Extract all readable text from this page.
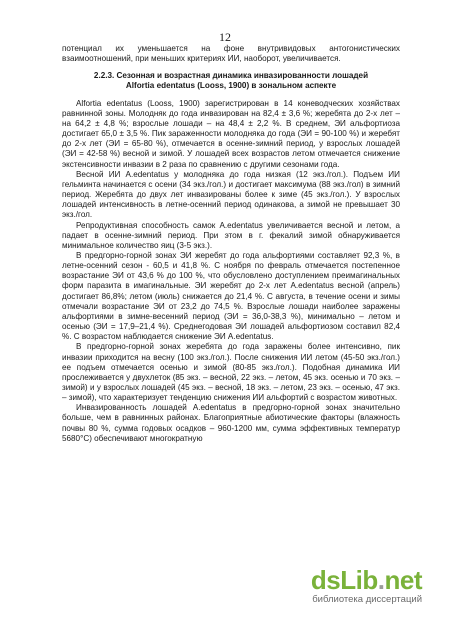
12

потенциал их уменьшается на фоне внутривидовых антогонистических взаимоотношений, при меньших критериях ИИ, наоборот, увеличивается.

2.2.3. Сезонная и возрастная динамика инвазированности лошадей
Alfortia edentatus (Looss, 1900) в зональном аспекте

Alfortia edentatus (Looss, 1900) зарегистрирован в 14 коневодческих хозяйствах равнинной зоны. Молодняк до года инвазирован на 82,4 ± 3,6 %; жеребята до 2-х лет – на 64,2 ± 4,8 %; взрослые лошади – на 48,4 ± 2,2 %. В среднем, ЭИ альфортиоза достигает 65,0 ± 3,5 %. Пик зараженности молодняка до года (ЭИ = 90-100 %) и жеребят до 2-х лет (ЭИ = 65-80 %), отмечается в осенне-зимний период, у взрослых лошадей (ЭИ = 42-58 %) весной и зимой. У лошадей всех возрастов летом отмечается снижение экстенсивности инвазии в 2 раза по сравнению с другими сезонами года.

Весной ИИ A.edentatus у молодняка до года низкая (12 экз./гол.). Подъем ИИ гельминта начинается с осени (34 экз./гол.) и достигает максимума (88 экз./гол) в зимний период. Жеребята до двух лет инвазированы более к зиме (45 экз./гол.). У взрослых лошадей интенсивность в летне-осенний период одинакова, а зимой не превышает 30 экз./гол.

Репродуктивная способность самок A.edentatus увеличивается весной и летом, а падает в осенне-зимний период. При этом в г. фекалий зимой обнаруживается минимальное количество яиц (3-5 экз.).

В предгорно-горной зонах ЭИ жеребят до года альфортиями составляет 92,3 %, в летне-осенний сезон - 60,5 и 41,8 %. С ноября по февраль отмечается постепенное возрастание ЭИ от 43,6 % до 100 %, что обусловлено доступлением преимагинальных форм паразита в имагинальные. ЭИ жеребят до 2-х лет A.edentatus весной (апрель) достигает 86,8%; летом (июль) снижается до 21,4 %. С августа, в течение осени и зимы отмечали возрастание ЭИ от 23,2 до 74,5 %. Взрослые лошади наиболее заражены альфортиями в зимне-весенний период (ЭИ = 36,0-38,3 %), минимально – летом и осенью (ЭИ = 17,9–21,4 %). Среднегодовая ЭИ лошадей альфортиозом составил 82,4 %. С возрастом наблюдается снижение ЭИ A.edentatus.

В предгорно-горной зонах жеребята до года заражены более интенсивно, пик инвазии приходится на весну (100 экз./гол.). После снижения ИИ летом (45-50 экз./гол.) ее подъем отмечается осенью и зимой (80-85 экз./гол.). Подобная динамика ИИ прослеживается у двухлеток (85 экз. – весной, 22 экз. – летом, 45 экз. осенью и 70 экз. – зимой) и у взрослых лошадей (45 экз. – весной, 18 экз. – летом, 23 экз. – осенью, 47 экз. – зимой), что характеризует тенденцию снижения ИИ альфортий с возрастом животных.

Инвазированность лошадей A.edentatus в предгорно-горной зонах значительно больше, чем в равнинных районах. Благоприятные абиотические факторы (влажность почвы 80 %, сумма годовых осадков – 960-1200 мм, сумма эффективных температур 5680°C) обеспечивают многократную

dsLib.net
библиотека диссертаций
